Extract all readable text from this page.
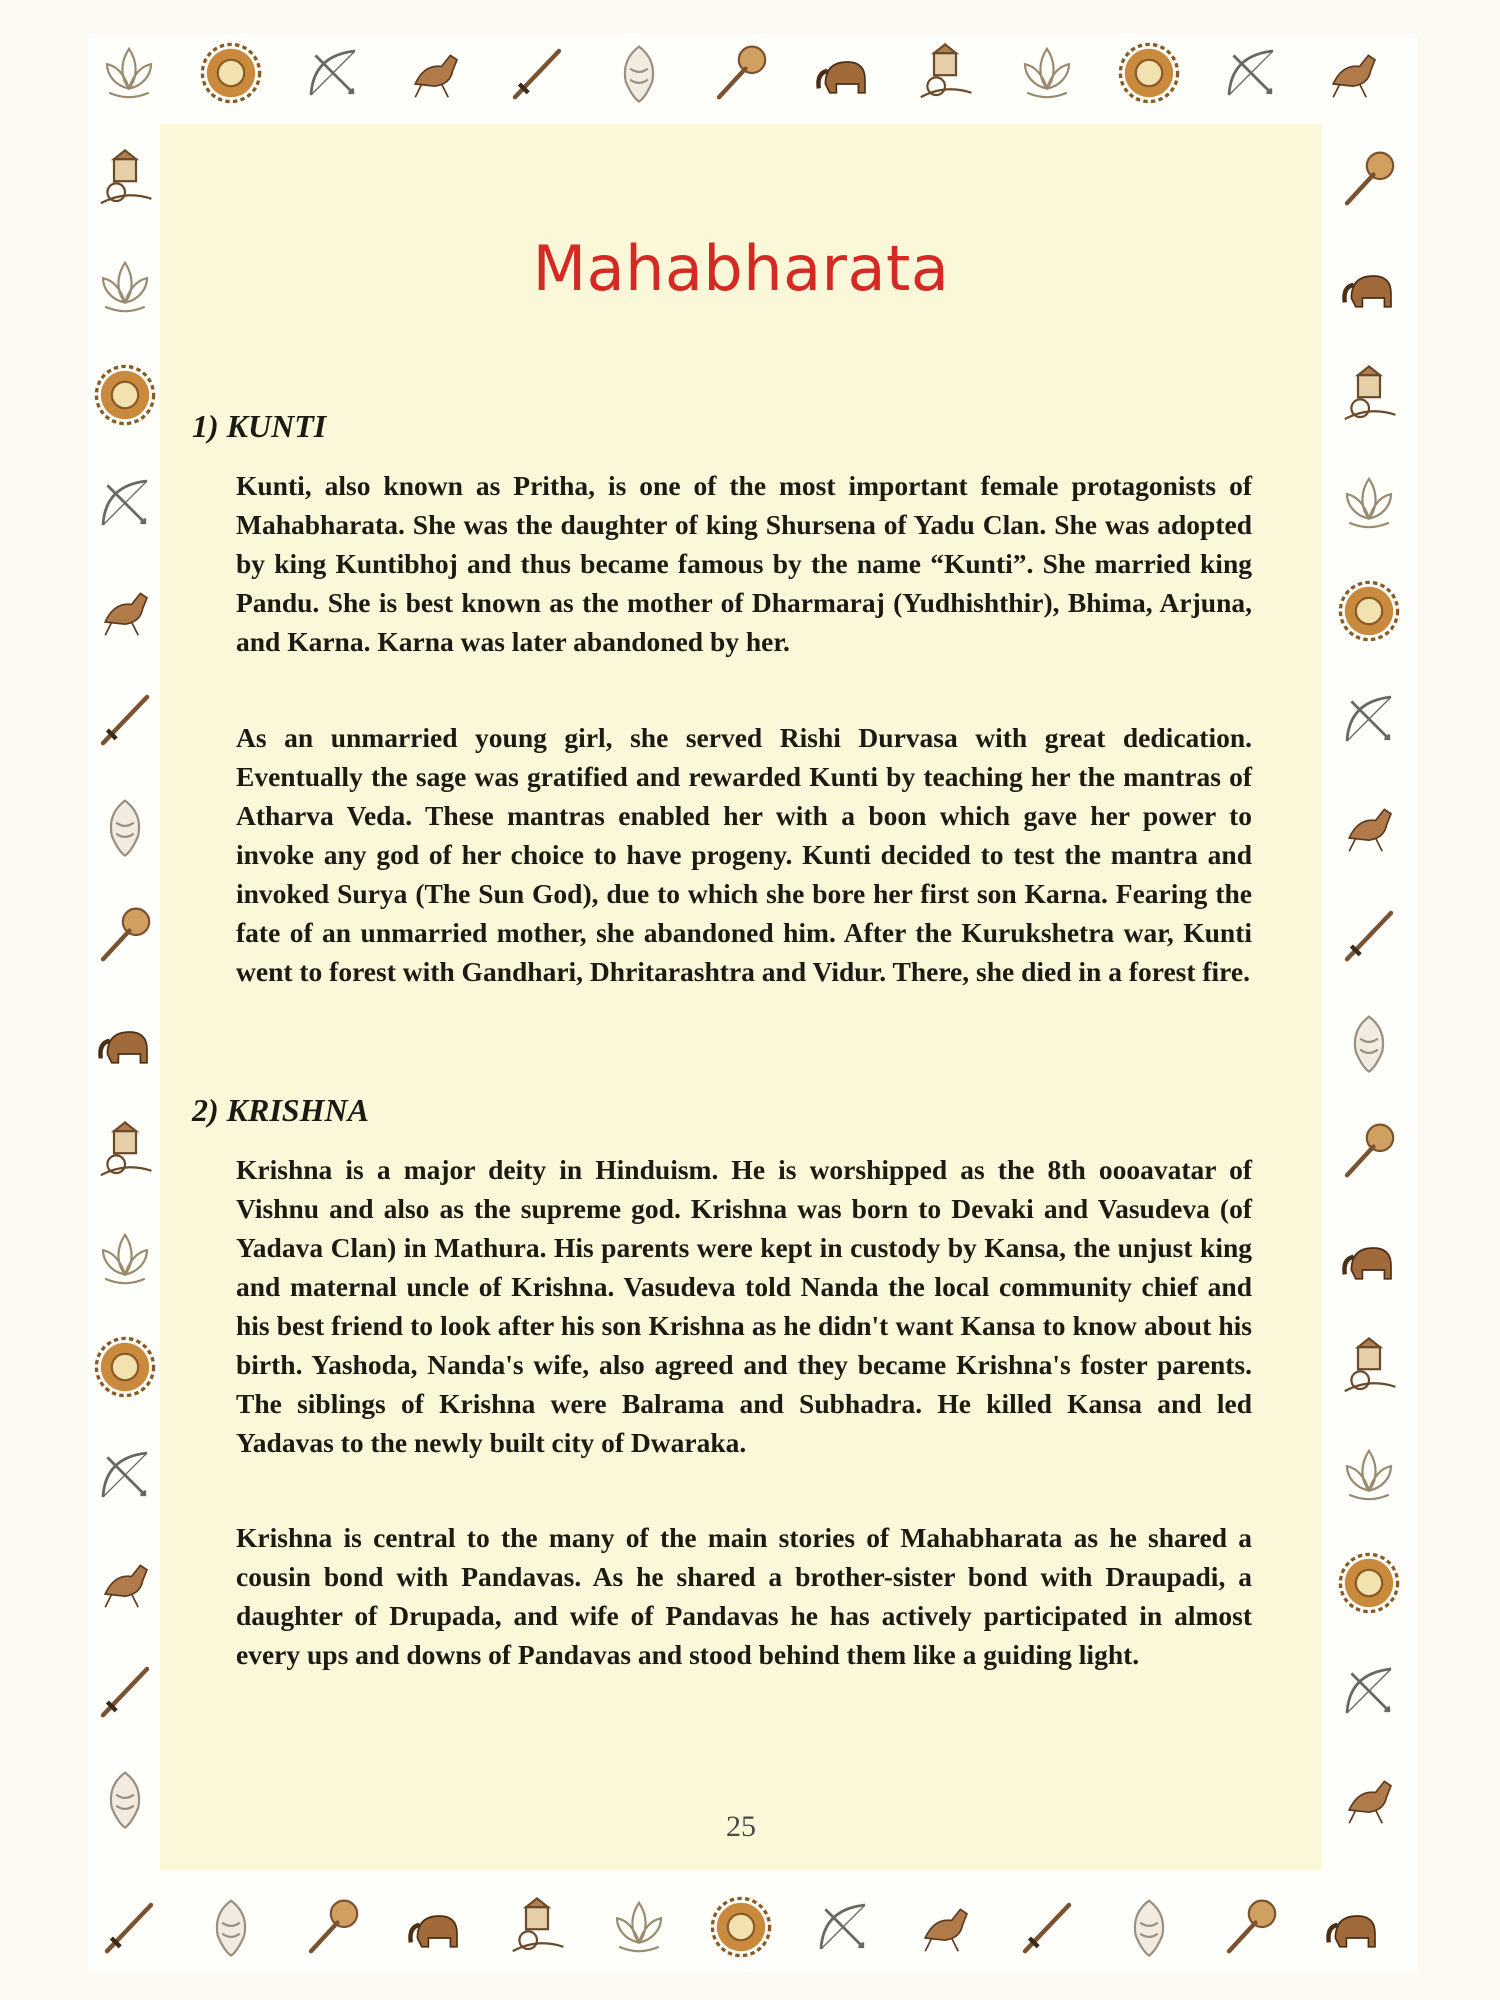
Mahabharata
1) KUNTI

Kunti, also known as Pritha, is one of the most important female protagonists of Mahabharata. She was the daughter of king Shursena of Yadu Clan. She was adopted by king Kuntibhoj and thus became famous by the name “Kunti”. She married king Pandu. She is best known as the mother of Dharmaraj (Yudhishthir), Bhima, Arjuna, and Karna. Karna was later abandoned by her.

As an unmarried young girl, she served Rishi Durvasa with great dedication. Eventually the sage was gratified and rewarded Kunti by teaching her the mantras of Atharva Veda. These mantras enabled her with a boon which gave her power to invoke any god of her choice to have progeny. Kunti decided to test the mantra and invoked Surya (The Sun God), due to which she bore her first son Karna. Fearing the fate of an unmarried mother, she abandoned him. After the Kurukshetra war, Kunti went to forest with Gandhari, Dhritarashtra and Vidur. There, she died in a forest fire.

2) KRISHNA

Krishna is a major deity in Hinduism. He is worshipped as the 8th oooavatar of Vishnu and also as the supreme god. Krishna was born to Devaki and Vasudeva (of Yadava Clan) in Mathura. His parents were kept in custody by Kansa, the unjust king and maternal uncle of Krishna. Vasudeva told Nanda the local community chief and his best friend to look after his son Krishna as he didn't want Kansa to know about his birth. Yashoda, Nanda's wife, also agreed and they became Krishna's foster parents. The siblings of Krishna were Balrama and Subhadra. He killed Kansa and led Yadavas to the newly built city of Dwaraka.

Krishna is central to the many of the main stories of Mahabharata as he shared a cousin bond with Pandavas. As he shared a brother-sister bond with Draupadi, a daughter of Drupada, and wife of Pandavas he has actively participated in almost every ups and downs of Pandavas and stood behind them like a guiding light.

25
